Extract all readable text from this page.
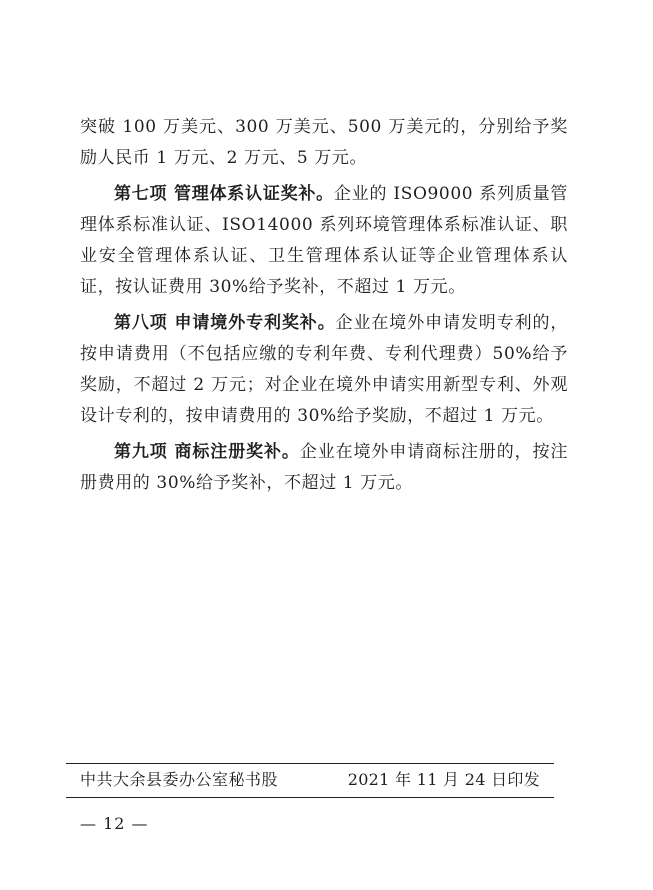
突破 100 万美元、300 万美元、500 万美元的，分别给予奖励人民币 1 万元、2 万元、5 万元。

第七项 管理体系认证奖补。企业的 ISO9000 系列质量管理体系标准认证、ISO14000 系列环境管理体系标准认证、职业安全管理体系认证、卫生管理体系认证等企业管理体系认证，按认证费用 30%给予奖补，不超过 1 万元。

第八项 申请境外专利奖补。企业在境外申请发明专利的，按申请费用（不包括应缴的专利年费、专利代理费）50%给予奖励，不超过 2 万元；对企业在境外申请实用新型专利、外观设计专利的，按申请费用的 30%给予奖励，不超过 1 万元。

第九项 商标注册奖补。企业在境外申请商标注册的，按注册费用的 30%给予奖补，不超过 1 万元。

中共大余县委办公室秘书股	2021 年 11 月 24 日印发
— 12 —
